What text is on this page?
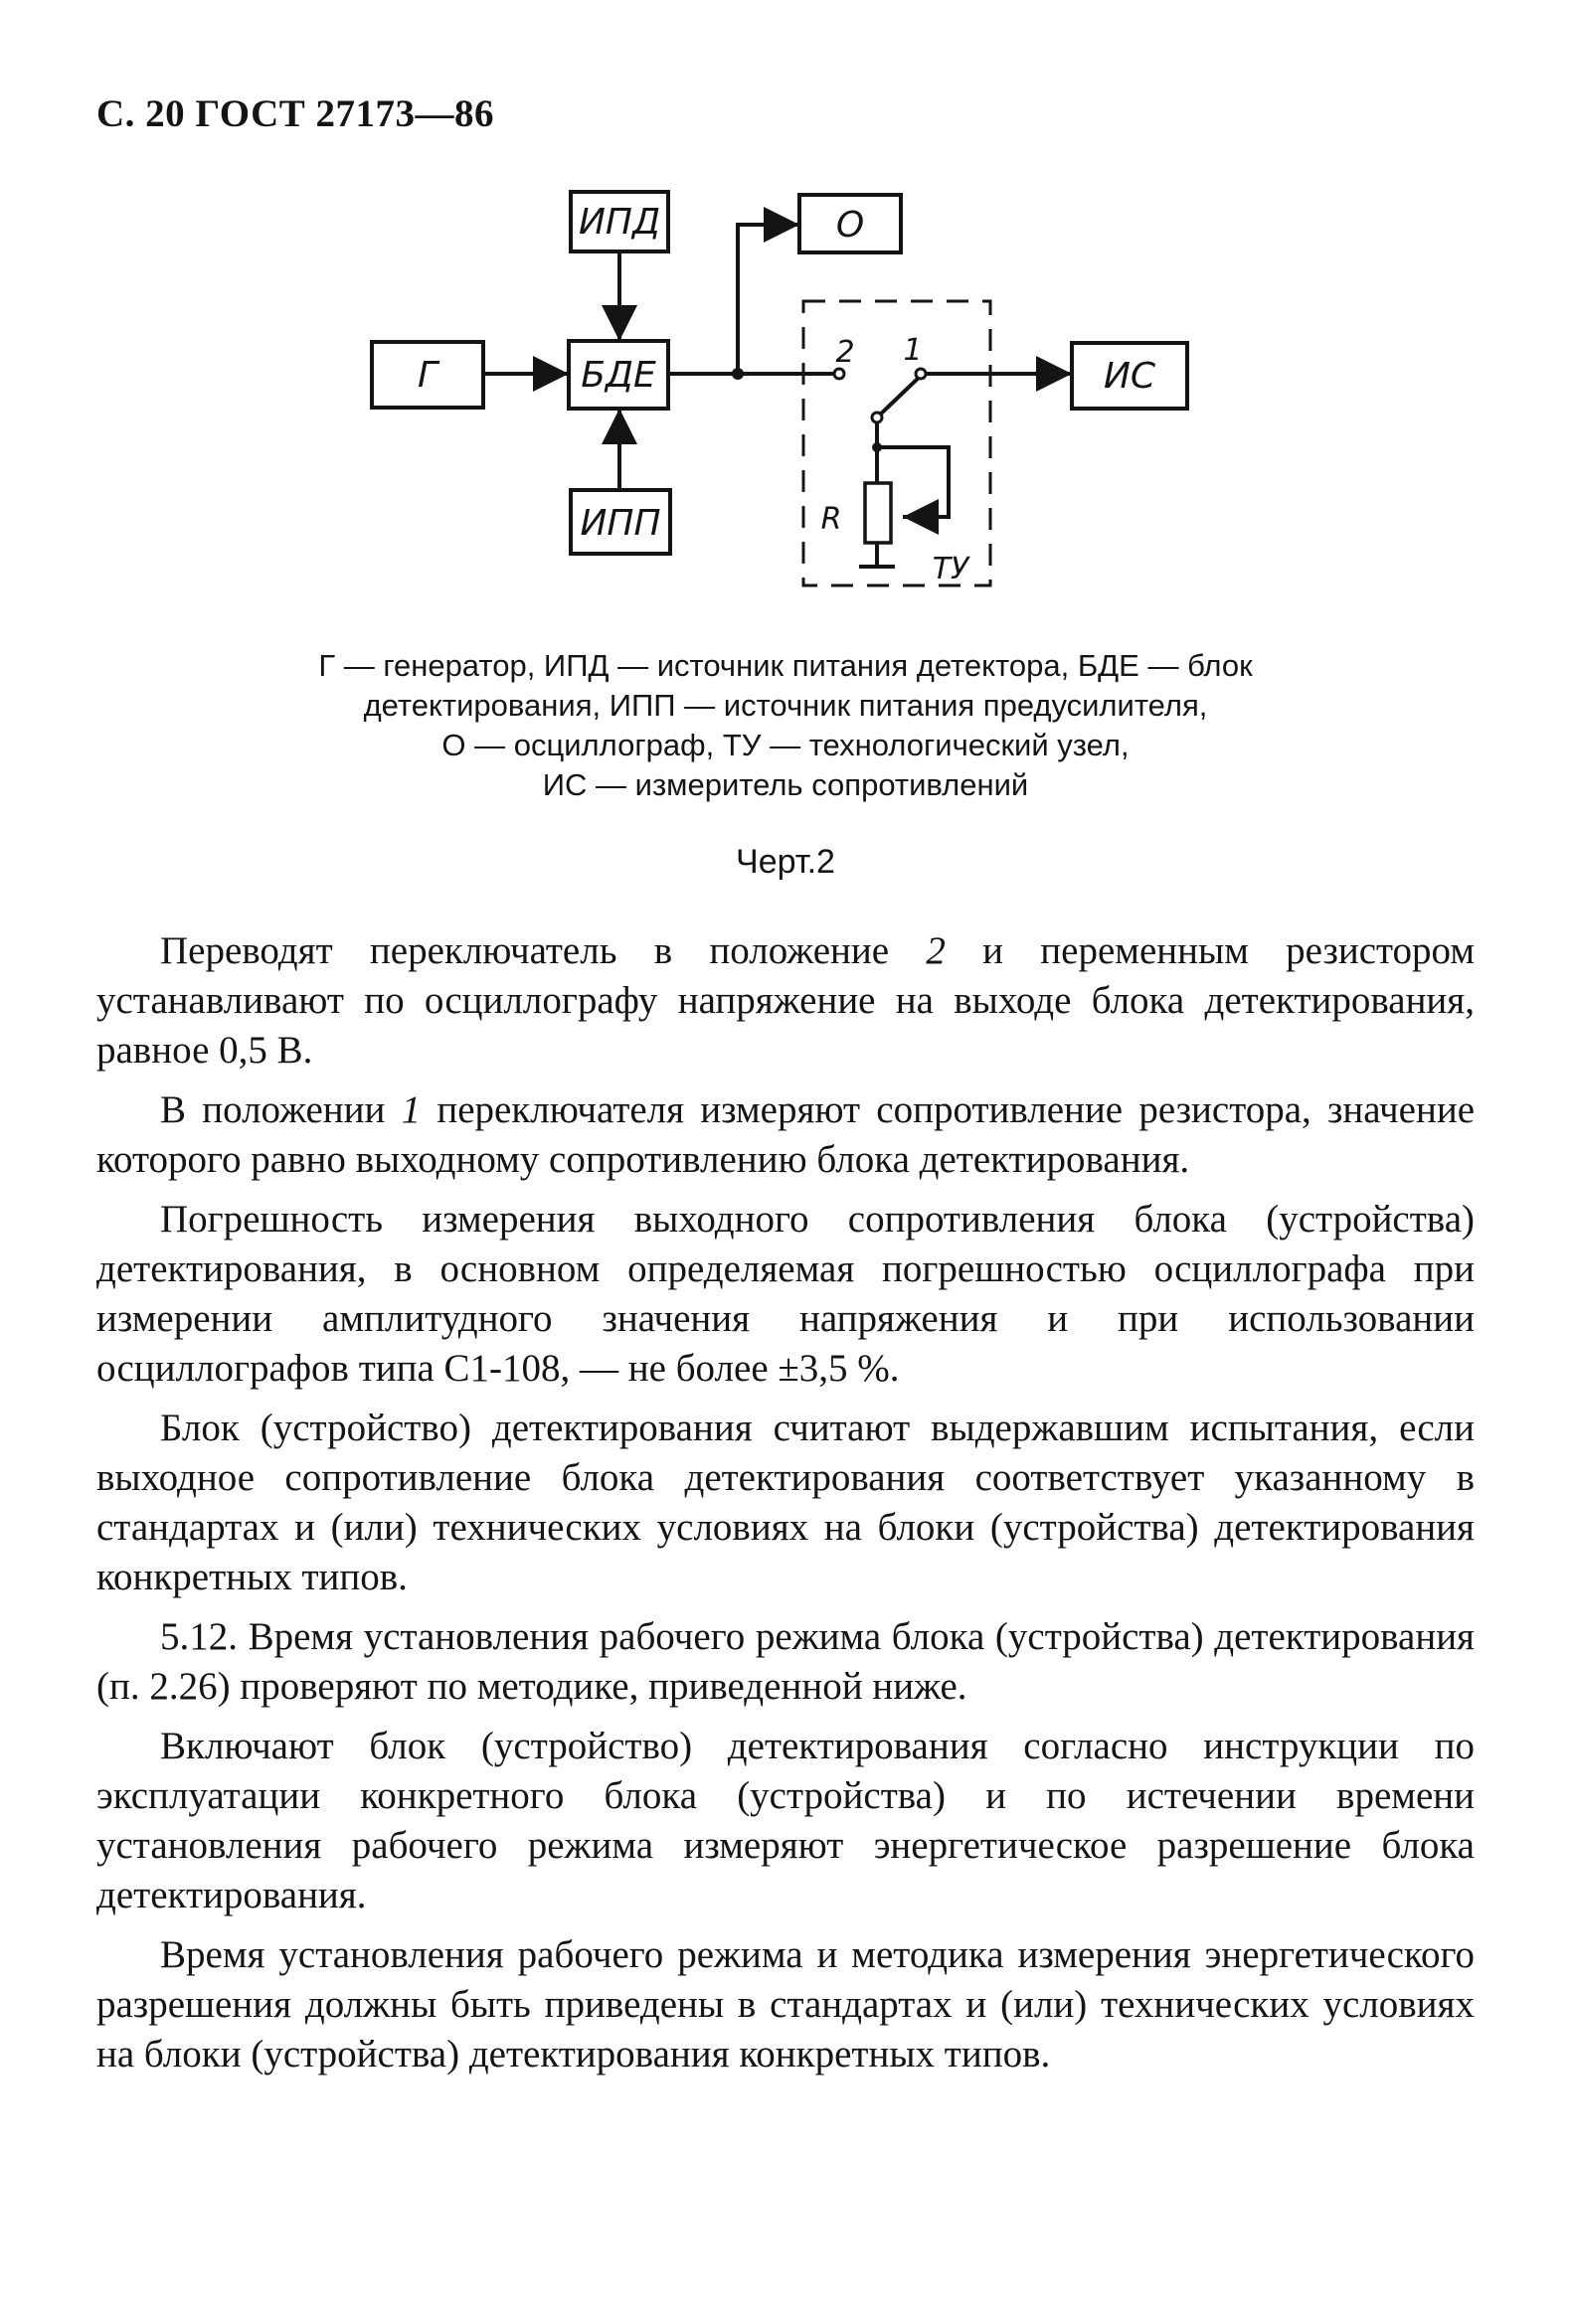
С. 20 ГОСТ 27173—86
ИПД	О
Г	БДЕ	ИС
ИПП
2 1
R
ТУ
Г — генератор, ИПД — источник питания детектора, БДЕ — блок
детектирования, ИПП — источник питания предусилителя,
О — осциллограф, ТУ — технологический узел,
ИС — измеритель сопротивлений
Черт.2

Переводят переключатель в положение 2 и переменным резистором устанавливают по осциллографу напряжение на выходе блока детектирования, равное 0,5 В.

В положении 1 переключателя измеряют сопротивление резистора, значение которого равно выходному сопротивлению блока детектирования.

Погрешность измерения выходного сопротивления блока (устройства) детектирования, в основном определяемая погрешностью осциллографа при измерении амплитудного значения напряжения и при использовании осциллографов типа С1-108, — не более ±3,5 %.

Блок (устройство) детектирования считают выдержавшим испытания, если выходное сопротивление блока детектирования соответствует указанному в стандартах и (или) технических условиях на блоки (устройства) детектирования конкретных типов.

5.12. Время установления рабочего режима блока (устройства) детектирования (п. 2.26) проверяют по методике, приведенной ниже.

Включают блок (устройство) детектирования согласно инструкции по эксплуатации конкретного блока (устройства) и по истечении времени установления рабочего режима измеряют энергетическое разрешение блока детектирования.

Время установления рабочего режима и методика измерения энергетического разрешения должны быть приведены в стандартах и (или) технических условиях на блоки (устройства) детектирования конкретных типов.
